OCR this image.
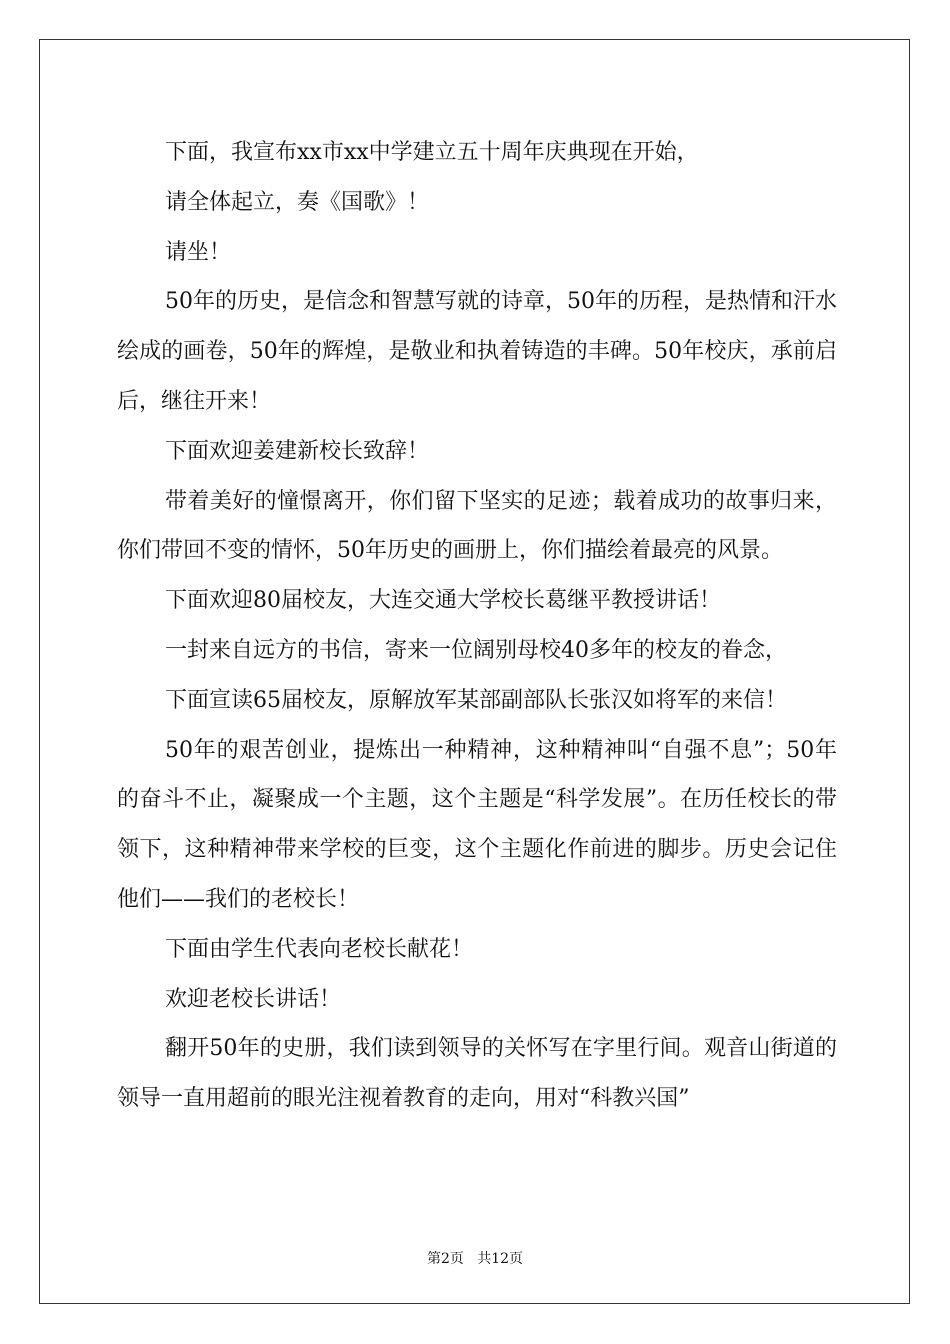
下面，我宣布xx市xx中学建立五十周年庆典现在开始，

请全体起立，奏《国歌》！

请坐！

50年的历史，是信念和智慧写就的诗章，50年的历程，是热情和汗水绘成的画卷，50年的辉煌，是敬业和执着铸造的丰碑。50年校庆，承前启后，继往开来！

下面欢迎姜建新校长致辞！

带着美好的憧憬离开，你们留下坚实的足迹；载着成功的故事归来，你们带回不变的情怀，50年历史的画册上，你们描绘着最亮的风景。

下面欢迎80届校友，大连交通大学校长葛继平教授讲话！

一封来自远方的书信，寄来一位阔别母校40多年的校友的眷念，

下面宣读65届校友，原解放军某部副部队长张汉如将军的来信！

50年的艰苦创业，提炼出一种精神，这种精神叫“自强不息”；50年的奋斗不止，凝聚成一个主题，这个主题是“科学发展”。在历任校长的带领下，这种精神带来学校的巨变，这个主题化作前进的脚步。历史会记住他们——我们的老校长！

下面由学生代表向老校长献花！

欢迎老校长讲话！

翻开50年的史册，我们读到领导的关怀写在字里行间。观音山街道的领导一直用超前的眼光注视着教育的走向，用对“科教兴国”

第2页   共12页
